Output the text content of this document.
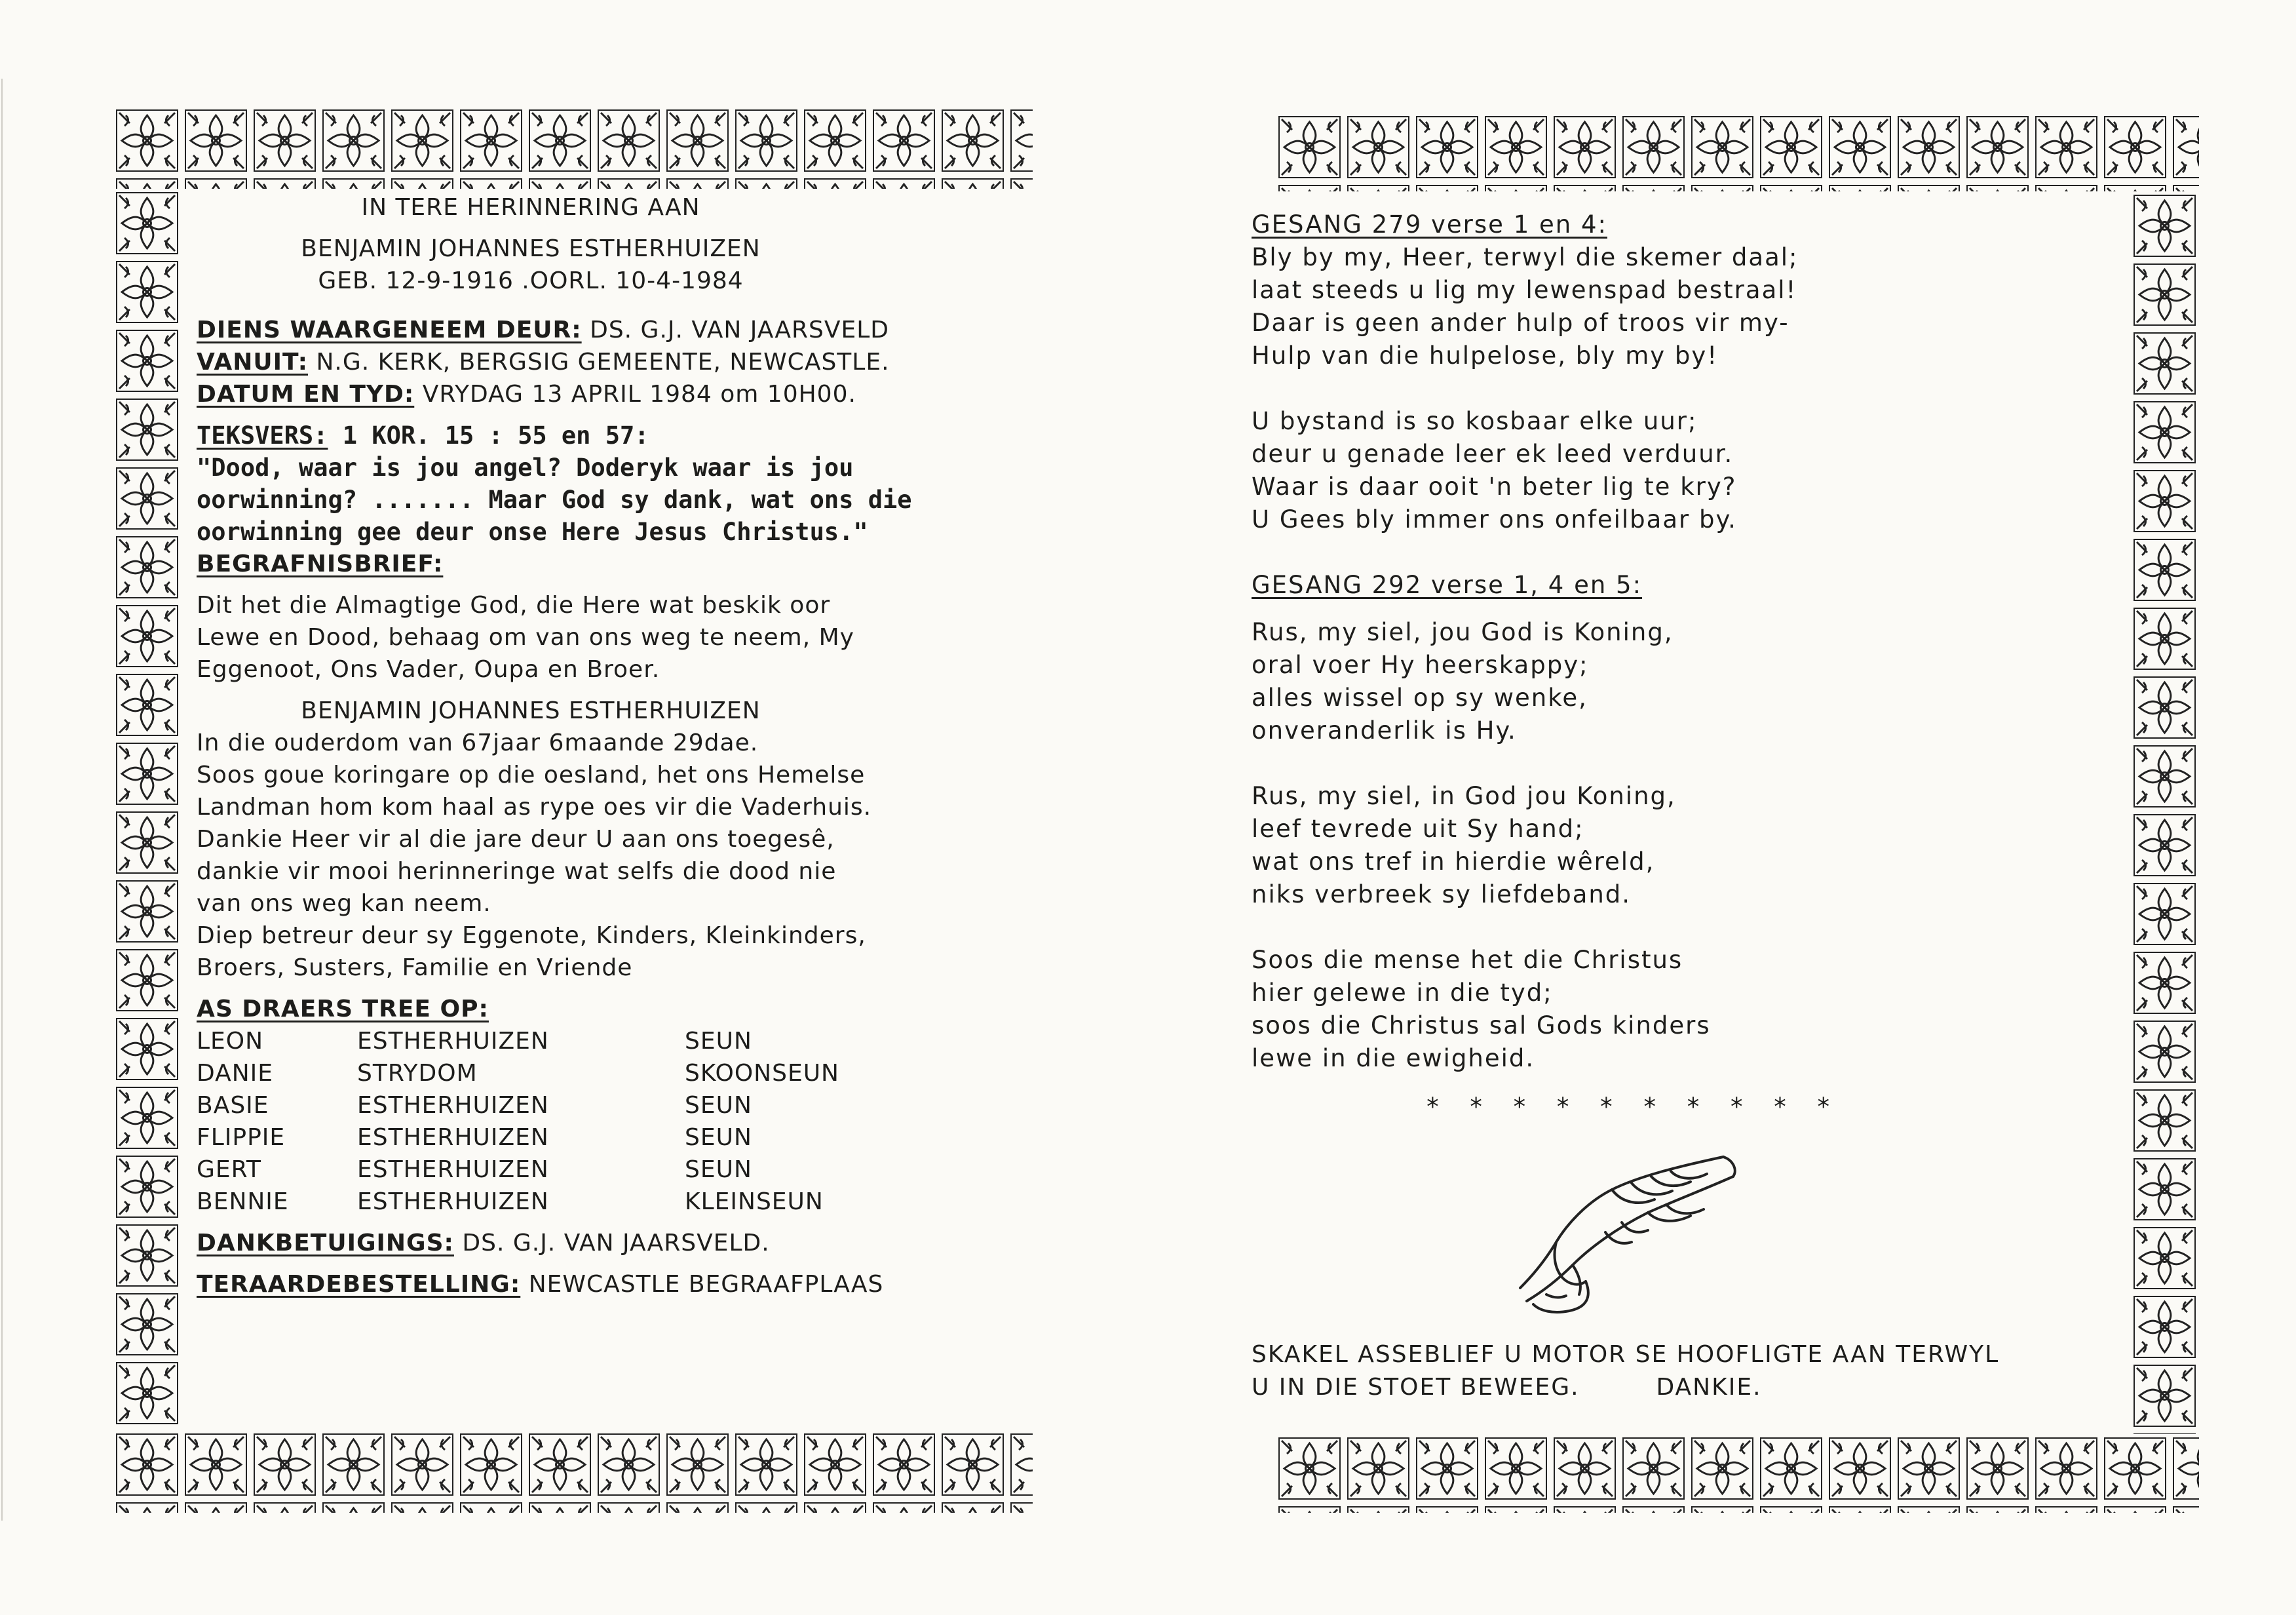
IN TERE HERINNERING AAN
BENJAMIN JOHANNES ESTHERHUIZEN
GEB. 12-9-1916 .OORL. 10-4-1984
DIENS WAARGENEEM DEUR: DS. G.J. VAN JAARSVELD
VANUIT: N.G. KERK, BERGSIG GEMEENTE, NEWCASTLE.
DATUM EN TYD: VRYDAG 13 APRIL 1984 om 10H00.
TEKSVERS: 1 KOR. 15 : 55 en 57:
"Dood, waar is jou angel? Doderyk waar is jou
oorwinning? ....... Maar God sy dank, wat ons die
oorwinning gee deur onse Here Jesus Christus."
BEGRAFNISBRIEF:
Dit het die Almagtige God, die Here wat beskik oor
Lewe en Dood, behaag om van ons weg te neem, My
Eggenoot, Ons Vader, Oupa en Broer.
BENJAMIN JOHANNES ESTHERHUIZEN
In die ouderdom van 67jaar 6maande 29dae.
Soos goue koringare op die oesland, het ons Hemelse
Landman hom kom haal as rype oes vir die Vaderhuis.
Dankie Heer vir al die jare deur U aan ons toegesê,
dankie vir mooi herinneringe wat selfs die dood nie
van ons weg kan neem.
Diep betreur deur sy Eggenote, Kinders, Kleinkinders,
Broers, Susters, Familie en Vriende
AS DRAERS TREE OP:
LEON	ESTHERHUIZEN	SEUN
DANIE	STRYDOM	SKOONSEUN
BASIE	ESTHERHUIZEN	SEUN
FLIPPIE	ESTHERHUIZEN	SEUN
GERT	ESTHERHUIZEN	SEUN
BENNIE	ESTHERHUIZEN	KLEINSEUN
DANKBETUIGINGS: DS. G.J. VAN JAARSVELD.
TERAARDEBESTELLING: NEWCASTLE BEGRAAFPLAAS
GESANG 279 verse 1 en 4:
Bly by my, Heer, terwyl die skemer daal;
laat steeds u lig my lewenspad bestraal!
Daar is geen ander hulp of troos vir my-
Hulp van die hulpelose, bly my by!
U bystand is so kosbaar elke uur;
deur u genade leer ek leed verduur.
Waar is daar ooit 'n beter lig te kry?
U Gees bly immer ons onfeilbaar by.
GESANG 292 verse 1, 4 en 5:
Rus, my siel, jou God is Koning,
oral voer Hy heerskappy;
alles wissel op sy wenke,
onveranderlik is Hy.
Rus, my siel, in God jou Koning,
leef tevrede uit Sy hand;
wat ons tref in hierdie wêreld,
niks verbreek sy liefdeband.
Soos die mense het die Christus
hier gelewe in die tyd;
soos die Christus sal Gods kinders
lewe in die ewigheid.
* * * * * * * * * *
SKAKEL ASSEBLIEF U MOTOR SE HOOFLIGTE AAN TERWYL
U IN DIE STOET BEWEEG.	DANKIE.
